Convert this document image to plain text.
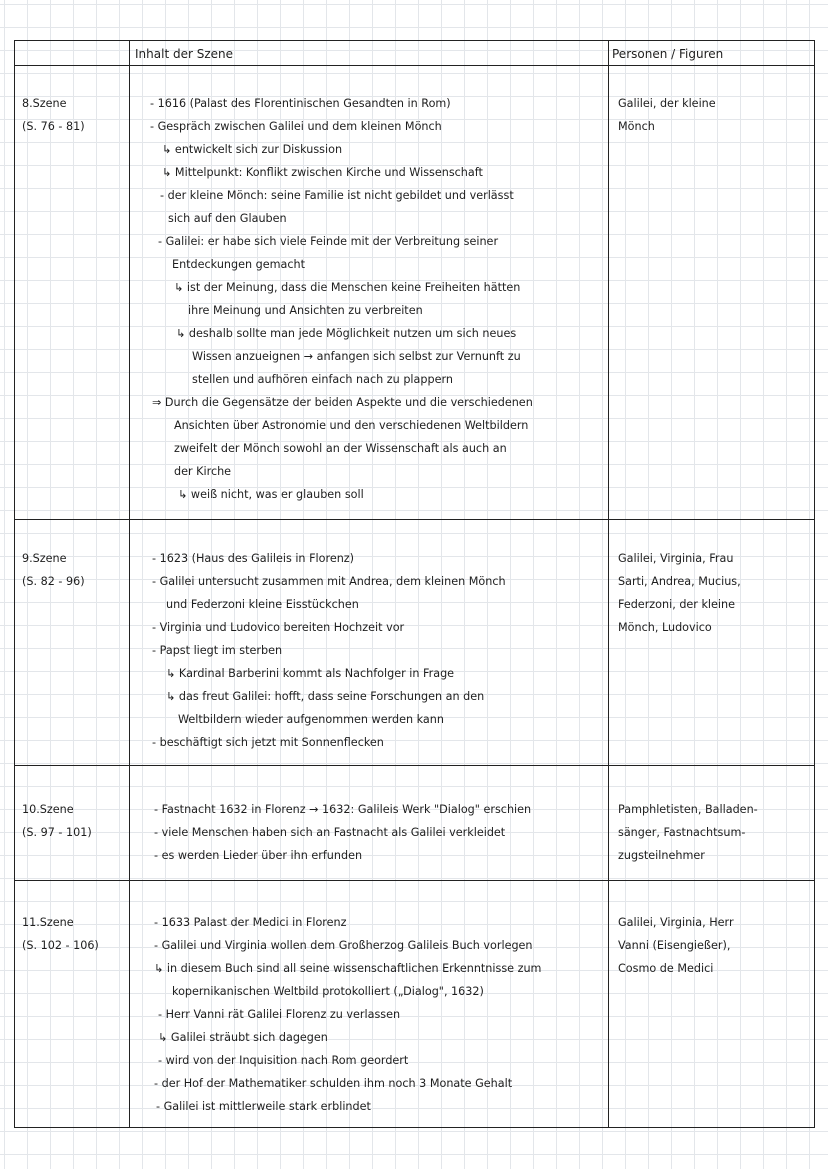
Inhalt der Szene	Personen / Figuren
8.Szene
(S. 76 - 81)
- 1616 (Palast des Florentinischen Gesandten in Rom)
- Gespräch zwischen Galilei und dem kleinen Mönch
↳ entwickelt sich zur Diskussion
↳ Mittelpunkt: Konflikt zwischen Kirche und Wissenschaft
- der kleine Mönch: seine Familie ist nicht gebildet und verlässt
sich auf den Glauben
- Galilei: er habe sich viele Feinde mit der Verbreitung seiner
Entdeckungen gemacht
↳ ist der Meinung, dass die Menschen keine Freiheiten hätten
ihre Meinung und Ansichten zu verbreiten
↳ deshalb sollte man jede Möglichkeit nutzen um sich neues
Wissen anzueignen → anfangen sich selbst zur Vernunft zu
stellen und aufhören einfach nach zu plappern
⇒ Durch die Gegensätze der beiden Aspekte und die verschiedenen
Ansichten über Astronomie und den verschiedenen Weltbildern
zweifelt der Mönch sowohl an der Wissenschaft als auch an
der Kirche
↳ weiß nicht, was er glauben soll
Galilei, der kleine
Mönch
9.Szene
(S. 82 - 96)
- 1623 (Haus des Galileis in Florenz)
- Galilei untersucht zusammen mit Andrea, dem kleinen Mönch
und Federzoni kleine Eisstückchen
- Virginia und Ludovico bereiten Hochzeit vor
- Papst liegt im sterben
↳ Kardinal Barberini kommt als Nachfolger in Frage
↳ das freut Galilei: hofft, dass seine Forschungen an den
Weltbildern wieder aufgenommen werden kann
- beschäftigt sich jetzt mit Sonnenflecken
Galilei, Virginia, Frau
Sarti, Andrea, Mucius,
Federzoni, der kleine
Mönch, Ludovico
10.Szene
(S. 97 - 101)
- Fastnacht 1632 in Florenz → 1632: Galileis Werk "Dialog" erschien
- viele Menschen haben sich an Fastnacht als Galilei verkleidet
- es werden Lieder über ihn erfunden
Pamphletisten, Balladen-
sänger, Fastnachtsum-
zugsteilnehmer
11.Szene
(S. 102 - 106)
- 1633 Palast der Medici in Florenz
- Galilei und Virginia wollen dem Großherzog Galileis Buch vorlegen
↳ in diesem Buch sind all seine wissenschaftlichen Erkenntnisse zum
kopernikanischen Weltbild protokolliert („Dialog", 1632)
- Herr Vanni rät Galilei Florenz zu verlassen
↳ Galilei sträubt sich dagegen
- wird von der Inquisition nach Rom geordert
- der Hof der Mathematiker schulden ihm noch 3 Monate Gehalt
- Galilei ist mittlerweile stark erblindet
Galilei, Virginia, Herr
Vanni (Eisengießer),
Cosmo de Medici
